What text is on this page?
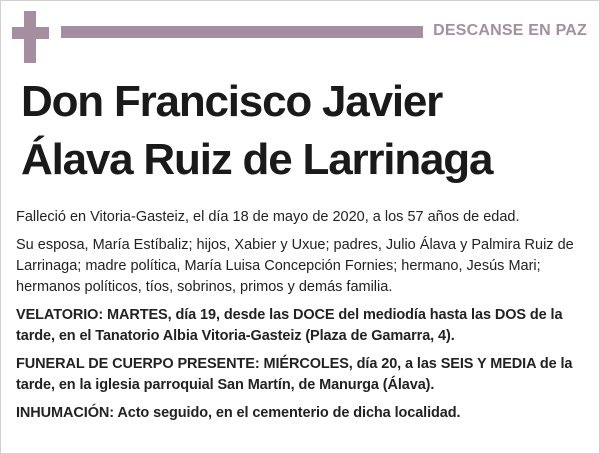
DESCANSE EN PAZ
Don Francisco Javier
Álava Ruiz de Larrinaga

Falleció en Vitoria-Gasteiz, el día 18 de mayo de 2020, a los 57 años de edad.

Su esposa, María Estíbaliz; hijos, Xabier y Uxue; padres, Julio Álava y Palmira Ruiz de Larrinaga; madre política, María Luisa Concepción Fornies; hermano, Jesús Mari; hermanos políticos, tíos, sobrinos, primos y demás familia.

VELATORIO: MARTES, día 19, desde las DOCE del mediodía hasta las DOS de la tarde, en el Tanatorio Albia Vitoria-Gasteiz (Plaza de Gamarra, 4).

FUNERAL DE CUERPO PRESENTE: MIÉRCOLES, día 20, a las SEIS Y MEDIA de la tarde, en la iglesia parroquial San Martín, de Manurga (Álava).

INHUMACIÓN: Acto seguido, en el cementerio de dicha localidad.
